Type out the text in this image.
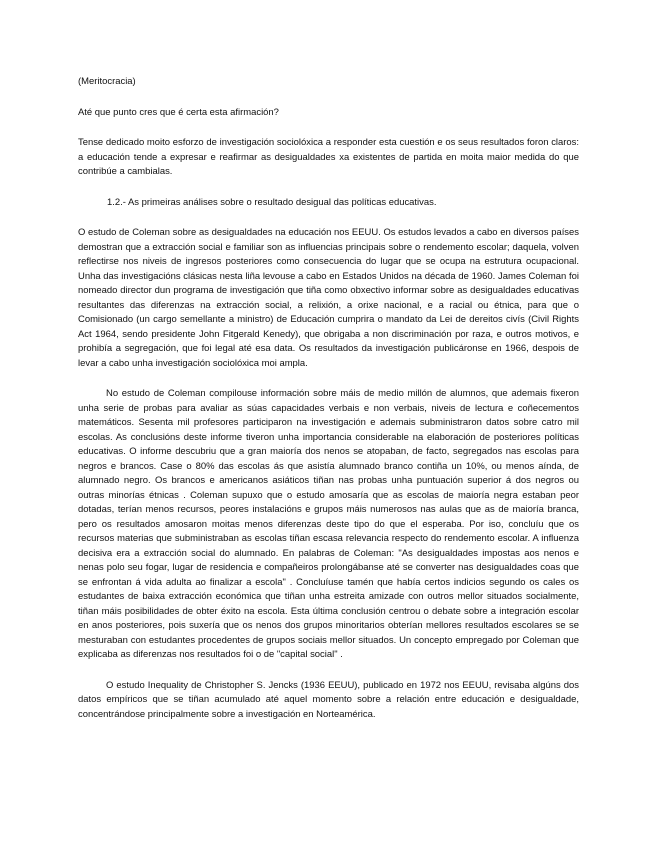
(Meritocracia)

Até que punto cres que é certa esta afirmación?

Tense dedicado moito esforzo de investigación sociolóxica a responder esta cuestión e os seus resultados foron claros: a educación tende a expresar e reafirmar as desigualdades xa existentes de partida en moita maior medida do que contribúe a cambialas.

1.2.- As primeiras análises sobre o resultado desigual das políticas educativas.

O estudo de Coleman sobre as desigualdades na educación nos EEUU. Os estudos levados a cabo en diversos países demostran que a extracción social e familiar son as influencias principais sobre o rendemento escolar; daquela, volven reflectirse nos niveis de ingresos posteriores como consecuencia do lugar que se ocupa na estrutura ocupacional. Unha das investigacións clásicas nesta liña levouse a cabo en Estados Unidos na década de 1960. James Coleman foi nomeado director dun programa de investigación que tiña como obxectivo informar sobre as desigualdades educativas resultantes das diferenzas na extracción social, a relixión, a orixe nacional, e a racial ou étnica, para que o Comisionado (un cargo semellante a ministro) de Educación cumprira o mandato da Lei de dereitos civís (Civil Rights Act 1964, sendo presidente John Fitgerald Kenedy), que obrigaba a non discriminación por raza, e outros motivos, e prohibía a segregación, que foi legal até esa data. Os resultados da investigación publicáronse en 1966, despois de levar a cabo unha investigación sociolóxica moi ampla.

No estudo de Coleman compilouse información sobre máis de medio millón de alumnos, que ademais fixeron unha serie de probas para avaliar as súas capacidades verbais e non verbais, niveis de lectura e coñecementos matemáticos. Sesenta mil profesores participaron na investigación e ademais subministraron datos sobre catro mil escolas. As conclusións deste informe tiveron unha importancia considerable na elaboración de posteriores políticas educativas. O informe descubriu que a gran maioría dos nenos se atopaban, de facto, segregados nas escolas para negros e brancos. Case o 80% das escolas ás que asistía alumnado branco contiña un 10%, ou menos aínda, de alumnado negro. Os brancos e americanos asiáticos tiñan nas probas unha puntuación superior á dos negros ou outras minorías étnicas . Coleman supuxo que o estudo amosaría que as escolas de maioría negra estaban peor dotadas, terían menos recursos, peores instalacións e grupos máis numerosos nas aulas que as de maioría branca, pero os resultados amosaron moitas menos diferenzas deste tipo do que el esperaba. Por iso, concluíu que os recursos materias que subministraban as escolas tiñan escasa relevancia respecto do rendemento escolar. A influenza decisiva era a extracción social do alumnado. En palabras de Coleman: "As desigualdades impostas aos nenos e nenas polo seu fogar, lugar de residencia e compañeiros prolongábanse até se converter nas desigualdades coas que se enfrontan á vida adulta ao finalizar a escola" . Concluíuse tamén que había certos indicios segundo os cales os estudantes de baixa extracción económica que tiñan unha estreita amizade con outros mellor situados socialmente, tiñan máis posibilidades de obter éxito na escola. Esta última conclusión centrou o debate sobre a integración escolar en anos posteriores, pois suxería que os nenos dos grupos minoritarios obterían mellores resultados escolares se se mesturaban con estudantes procedentes de grupos sociais mellor situados. Un concepto empregado por Coleman que explicaba as diferenzas nos resultados foi o de "capital social" .

O estudo Inequality de Christopher S. Jencks (1936 EEUU), publicado en 1972 nos EEUU, revisaba algúns dos datos empíricos que se tiñan acumulado até aquel momento sobre a relación entre educación e desigualdade, concentrándose principalmente sobre a investigación en Norteamérica.
